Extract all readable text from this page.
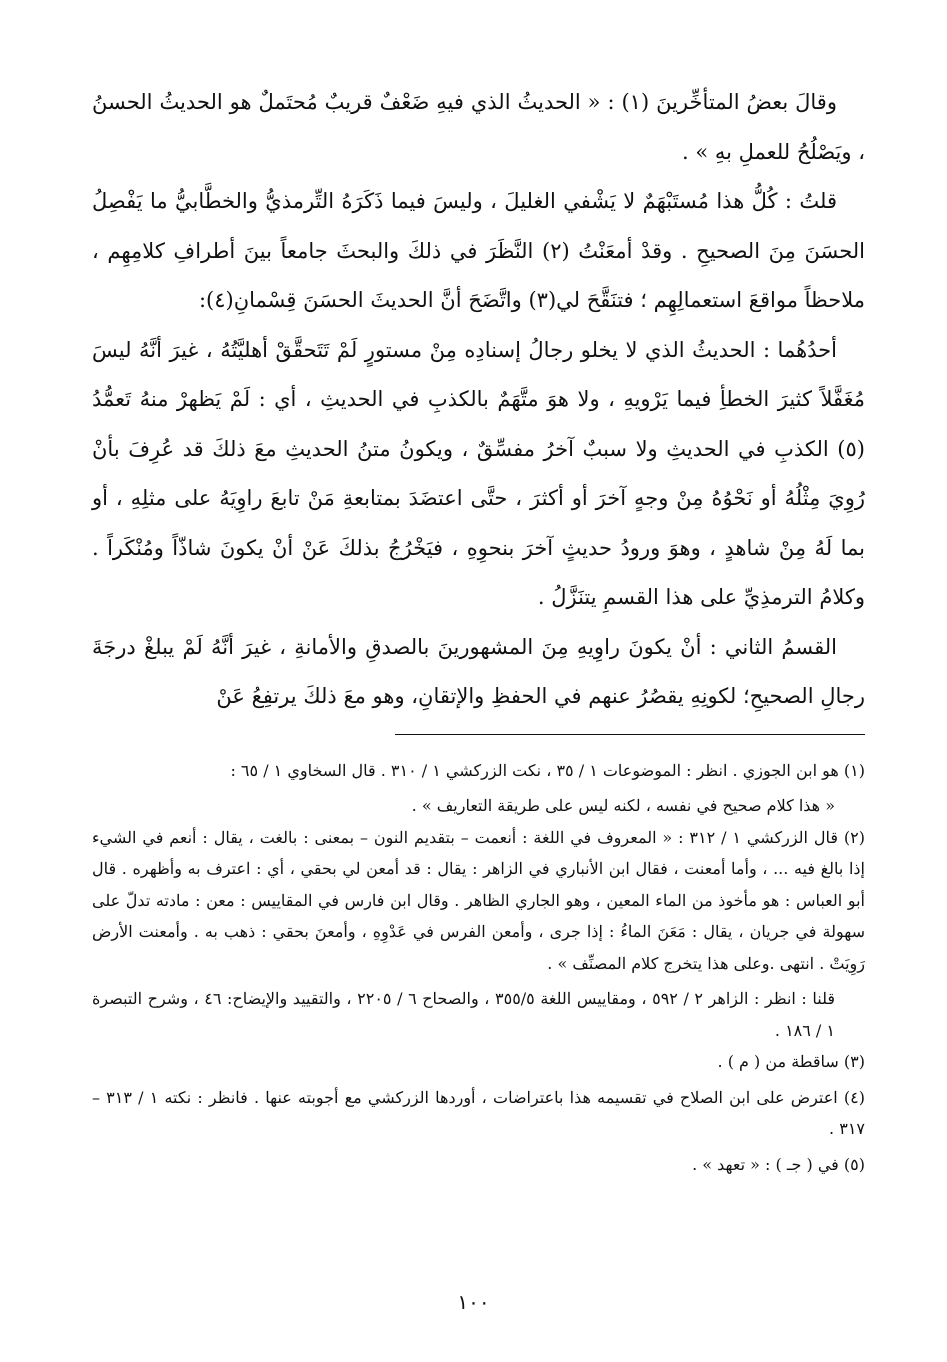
وقالَ بعضُ المتأخِّرينَ (١) : « الحديثُ الذي فيهِ ضَعْفٌ قريبٌ مُحتَملٌ هو الحديثُ الحسنُ ، ويَصْلُحُ للعملِ بهِ » .

قلتُ : كُلُّ هذا مُستَبْهَمٌ لا يَشْفي الغليلَ ، وليسَ فيما ذَكَرَهُ التِّرمذيُّ والخطَّابيُّ ما يَفْصِلُ الحسَنَ مِنَ الصحيحِ . وقدْ أمعَنْتُ (٢) النَّظَرَ في ذلكَ والبحثَ جامعاً بينَ أطرافِ كلامِهِم ، ملاحظاً مواقعَ استعمالِهِم ؛ فتنَقَّحَ لي(٣) واتَّضَحَ أنَّ الحديثَ الحسَنَ قِسْمانِ(٤):

أحدُهُما : الحديثُ الذي لا يخلو رجالُ إسنادِه مِنْ مستورٍ لَمْ تَتَحقَّقْ أهليَّتُهُ ، غيرَ أنَّهُ ليسَ مُغَفَّلاً كثيرَ الخطأِ فيما يَرْويهِ ، ولا هوَ متَّهَمٌ بالكذبِ في الحديثِ ، أي : لَمْ يَظهرْ منهُ تَعمُّدُ (٥) الكذبِ في الحديثِ ولا سببٌ آخرُ مفسِّقٌ ، ويكونُ متنُ الحديثِ معَ ذلكَ قد عُرِفَ بأنْ رُوِيَ مِثْلُهُ أو نَحْوُهُ مِنْ وجهٍ آخرَ أو أكثرَ ، حتَّى اعتضَدَ بمتابعةِ مَنْ تابعَ راوِيَهُ على مثلِهِ ، أو بما لَهُ مِنْ شاهدٍ ، وهوَ ورودُ حديثٍ آخرَ بنحوِهِ ، فيَخْرُجُ بذلكَ عَنْ أنْ يكونَ شاذّاً ومُنْكَراً . وكلامُ الترمذِيِّ على هذا القسمِ يتنَزَّلُ .

القسمُ الثاني : أنْ يكونَ راوِيهِ مِنَ المشهورينَ بالصدقِ والأمانةِ ، غيرَ أنَّهُ لَمْ يبلغْ درجَةَ رجالِ الصحيحِ؛ لكونِهِ يقصُرُ عنهم في الحفظِ والإتقانِ، وهو معَ ذلكَ يرتفِعُ عَنْ

(١) هو ابن الجوزي . انظر : الموضوعات ١ / ٣٥ ، نكت الزركشي ١ / ٣١٠ . قال السخاوي ١ / ٦٥ :

« هذا كلام صحيح في نفسه ، لكنه ليس على طريقة التعاريف » .

(٢) قال الزركشي ١ / ٣١٢ : « المعروف في اللغة : أنعمت – بتقديم النون – بمعنى : بالغت ، يقال : أنعم في الشيء إذا بالغ فيه ... ، وأما أمعنت ، فقال ابن الأنباري في الزاهر : يقال : قد أمعن لي بحقي ، أي : اعترف به وأظهره . قال أبو العباس : هو مأخوذ من الماء المعين ، وهو الجاري الظاهر . وقال ابن فارس في المقاييس : معن : مادته تدلّ على سهولة في جريان ، يقال : مَعَنَ الماءُ : إذا جرى ، وأمعن الفرس في عَدْوِهِ ، وأمعنَ بحقي : ذهب به . وأمعنت الأرض رَوِيَتْ . انتهى .وعلى هذا يتخرج كلام المصنِّف » .

قلنا : انظر : الزاهر ٢ / ٥٩٢ ، ومقاييس اللغة ٣٥٥/٥ ، والصحاح ٦ / ٢٢٠٥ ، والتقييد والإيضاح: ٤٦ ، وشرح التبصرة ١ / ١٨٦ .

(٣) ساقطة من ( م ) .

(٤) اعترض على ابن الصلاح في تقسيمه هذا باعتراضات ، أوردها الزركشي مع أجوبته عنها . فانظر : نكته ١ / ٣١٣ – ٣١٧ .

(٥) في ( جـ ) : « تعهد » .

١٠٠
